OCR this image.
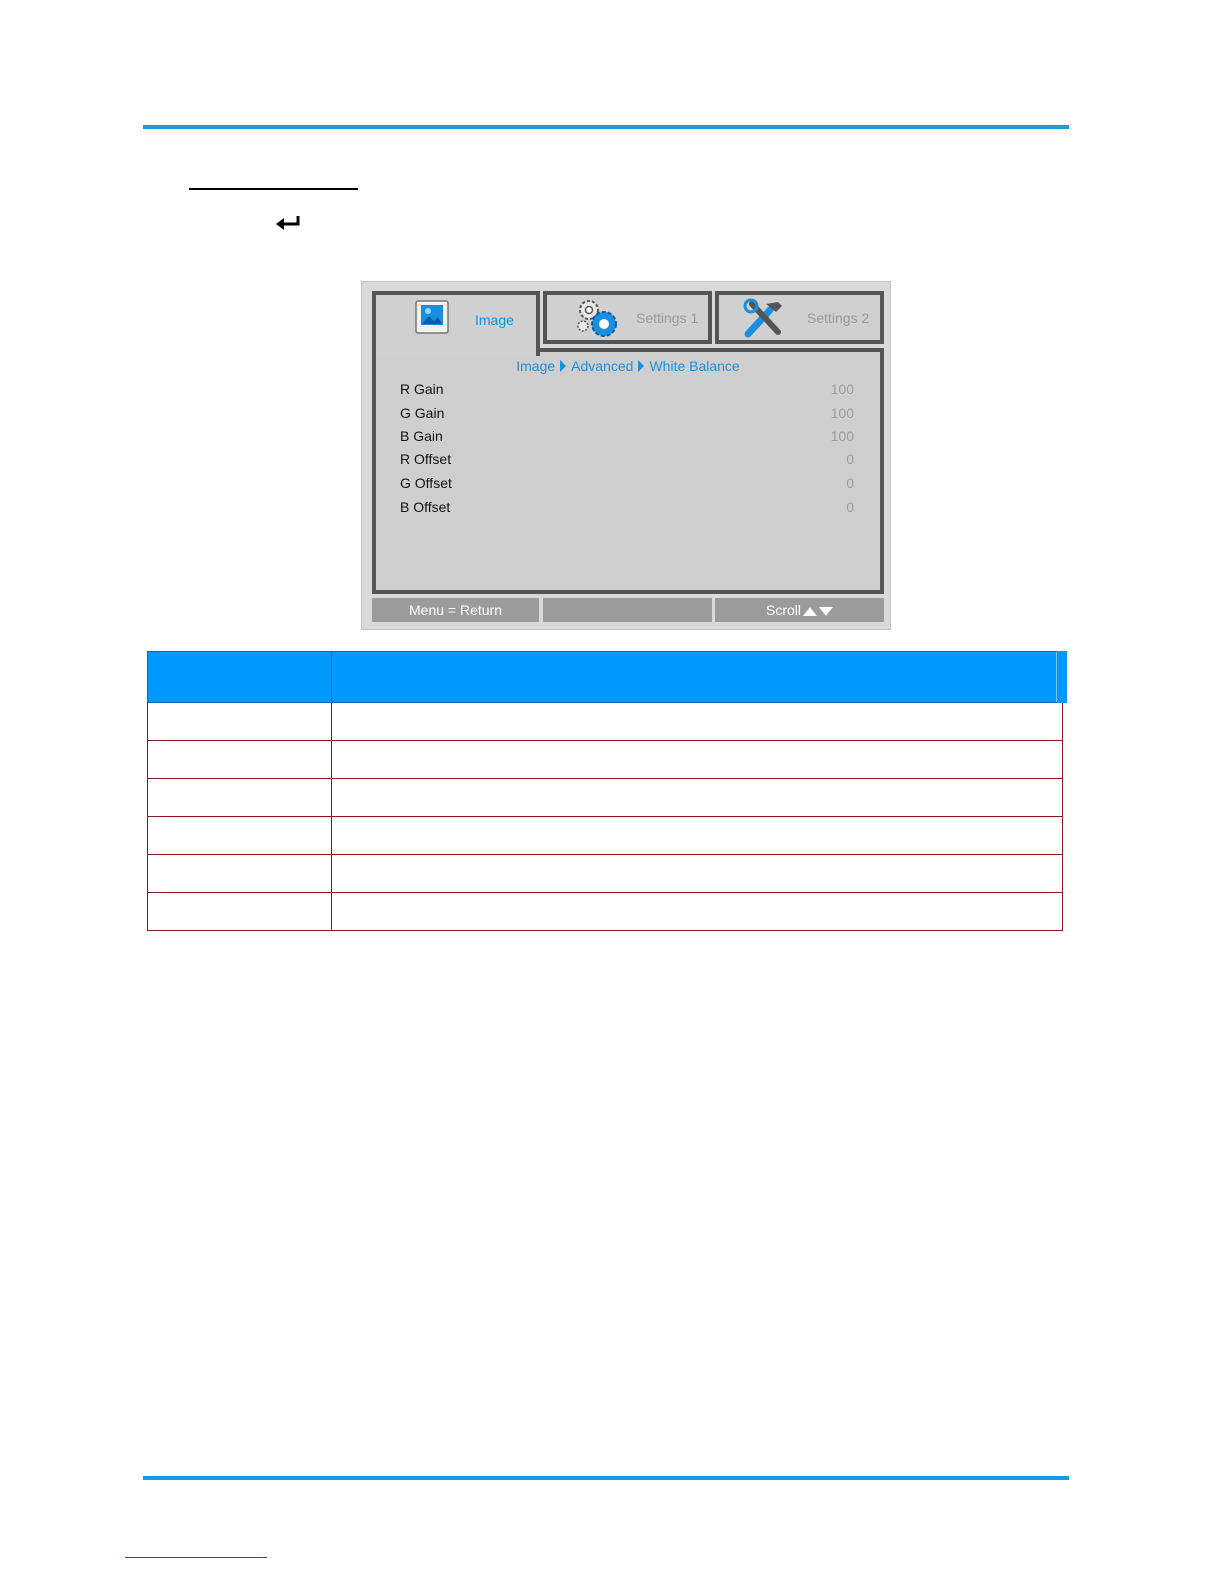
Image	Settings 1	Settings 2
Image Advanced White Balance
R Gain	100
G Gain	100
B Gain	100
R Offset	0
G Offset	0
B Offset	0
Menu = Return	Scroll
